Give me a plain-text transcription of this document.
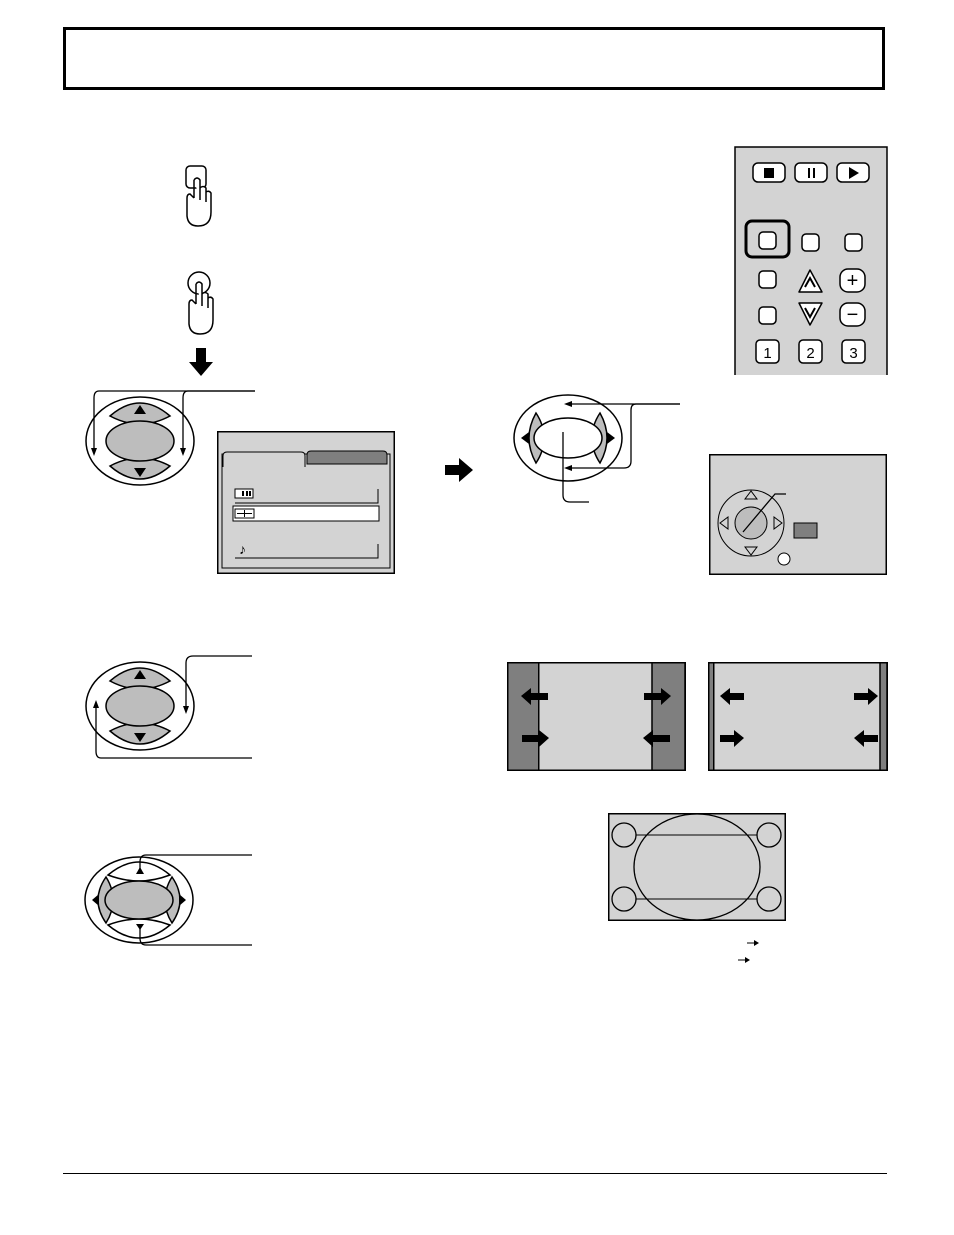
+
−
1 2 3
♪
